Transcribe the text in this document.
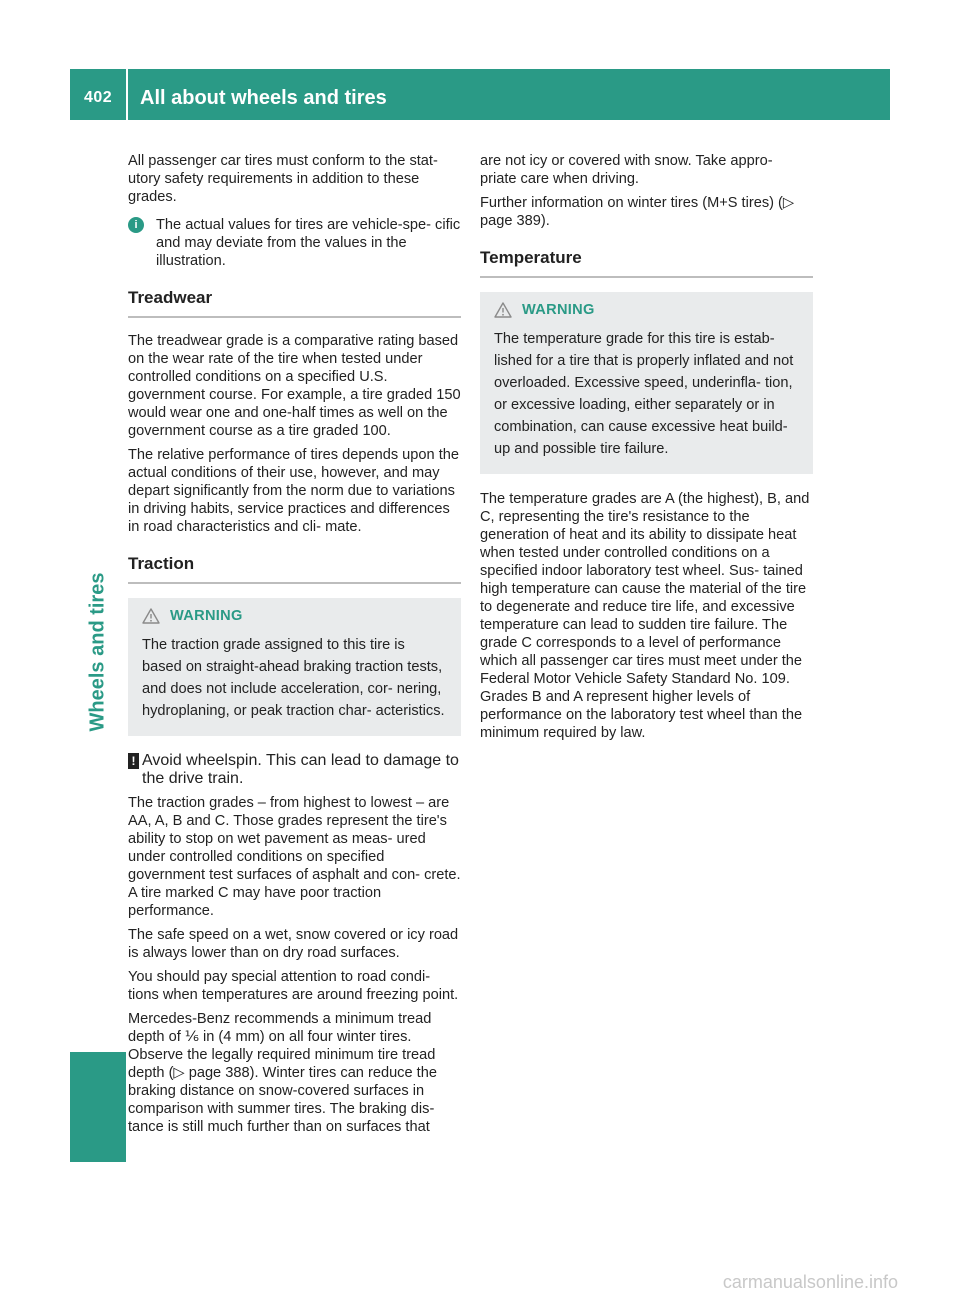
402 All about wheels and tires
Wheels and tires

All passenger car tires must conform to the stat- utory safety requirements in addition to these grades.

i	The actual values for tires are vehicle-spe- cific and may deviate from the values in the illustration.

Treadwear

The treadwear grade is a comparative rating based on the wear rate of the tire when tested under controlled conditions on a specified U.S. government course. For example, a tire graded 150 would wear one and one-half times as well on the government course as a tire graded 100.

The relative performance of tires depends upon the actual conditions of their use, however, and may depart significantly from the norm due to variations in driving habits, service practices and differences in road characteristics and cli- mate.

Traction
WARNING

The traction grade assigned to this tire is based on straight-ahead braking traction tests, and does not include acceleration, cor- nering, hydroplaning, or peak traction char- acteristics.

! Avoid wheelspin. This can lead to damage to the drive train.

The traction grades – from highest to lowest – are AA, A, B and C. Those grades represent the tire's ability to stop on wet pavement as meas- ured under controlled conditions on specified government test surfaces of asphalt and con- crete. A tire marked C may have poor traction performance.

The safe speed on a wet, snow covered or icy road is always lower than on dry road surfaces.

You should pay special attention to road condi- tions when temperatures are around freezing point.

Mercedes-Benz recommends a minimum tread depth of ⅙ in (4 mm) on all four winter tires. Observe the legally required minimum tire tread depth (▷ page 388). Winter tires can reduce the braking distance on snow-covered surfaces in comparison with summer tires. The braking dis- tance is still much further than on surfaces that

are not icy or covered with snow. Take appro- priate care when driving.

Further information on winter tires (M+S tires) (▷ page 389).

Temperature
WARNING

The temperature grade for this tire is estab- lished for a tire that is properly inflated and not overloaded. Excessive speed, underinfla- tion, or excessive loading, either separately or in combination, can cause excessive heat build-up and possible tire failure.

The temperature grades are A (the highest), B, and C, representing the tire's resistance to the generation of heat and its ability to dissipate heat when tested under controlled conditions on a specified indoor laboratory test wheel. Sus- tained high temperature can cause the material of the tire to degenerate and reduce tire life, and excessive temperature can lead to sudden tire failure. The grade C corresponds to a level of performance which all passenger car tires must meet under the Federal Motor Vehicle Safety Standard No. 109. Grades B and A represent higher levels of performance on the laboratory test wheel than the minimum required by law.

carmanualsonline.info
